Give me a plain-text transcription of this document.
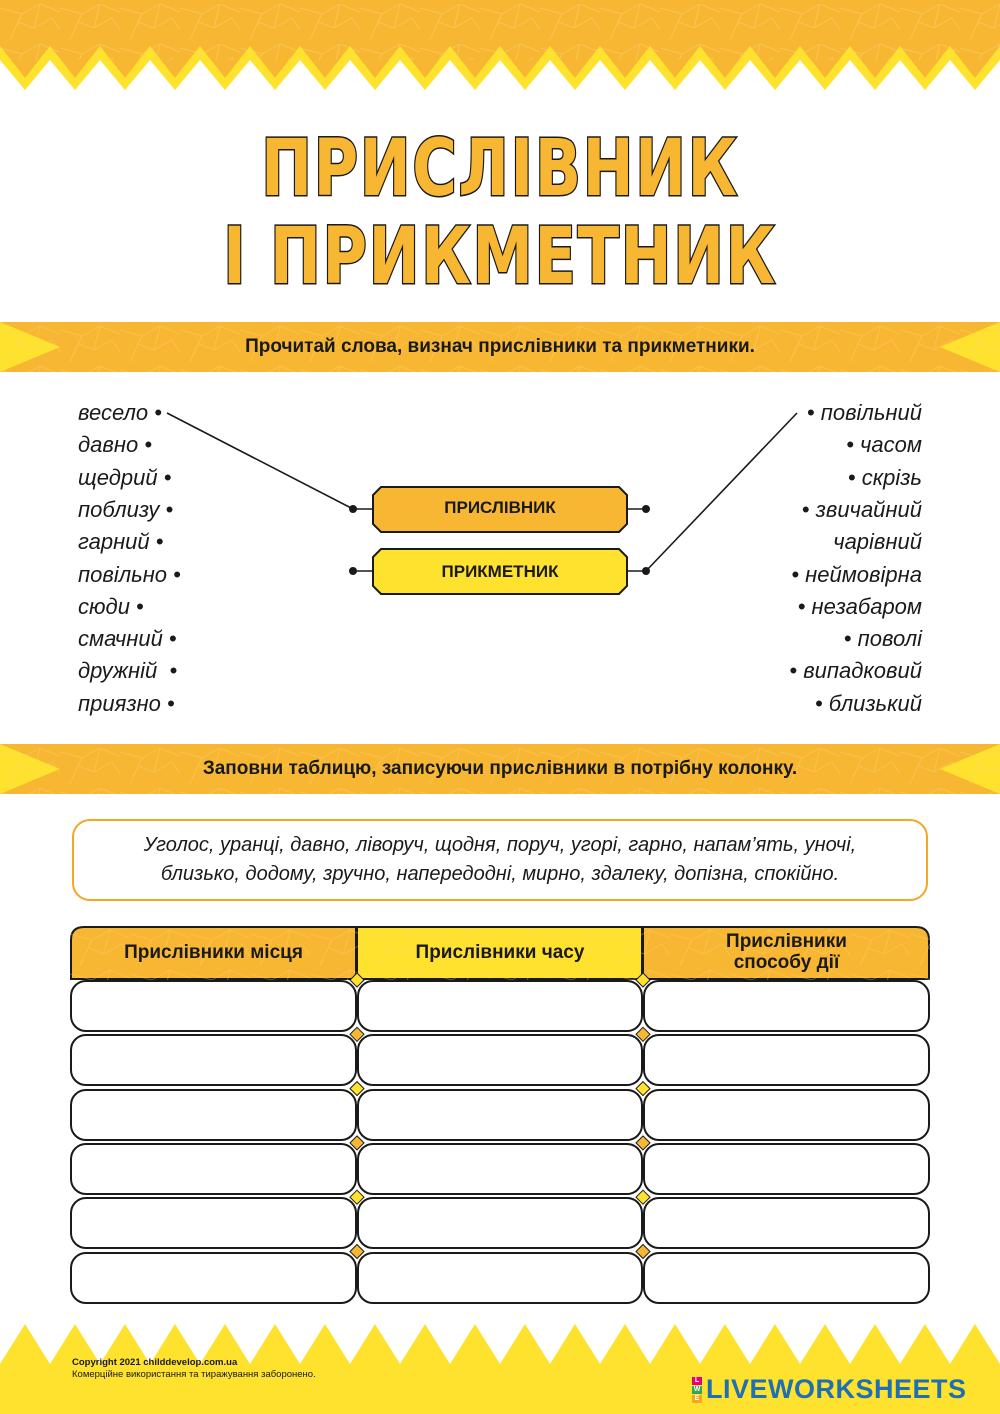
ПРИСЛІВНИК
І ПРИКМЕТНИК
Прочитай слова, визнач прислівники та прикметники.
весело •
давно •
щедрий •
поблизу •
гарний •
повільно •
сюди •
смачний •
дружній  •
приязно •
• повільний
• часом
• скрізь
• звичайний
чарівний
• неймовірна
• незабаром
• поволі
• випадковий
• близький
ПРИСЛІВНИК
ПРИКМЕТНИК
Заповни таблицю, записуючи прислівники в потрібну колонку.
Уголос, уранці, давно, ліворуч, щодня, поруч, угорі, гарно, напам’ять, уночі,
близько, додому, зручно, напередодні, мирно, здалеку, допізна, спокійно.
Прислівники місця	Прислівники часу	Прислівники способу дії
Copyright 2021 childdevelop.com.ua
Комерційне використання та тиражування заборонено.	L
W
E LIVEWORKSHEETS
